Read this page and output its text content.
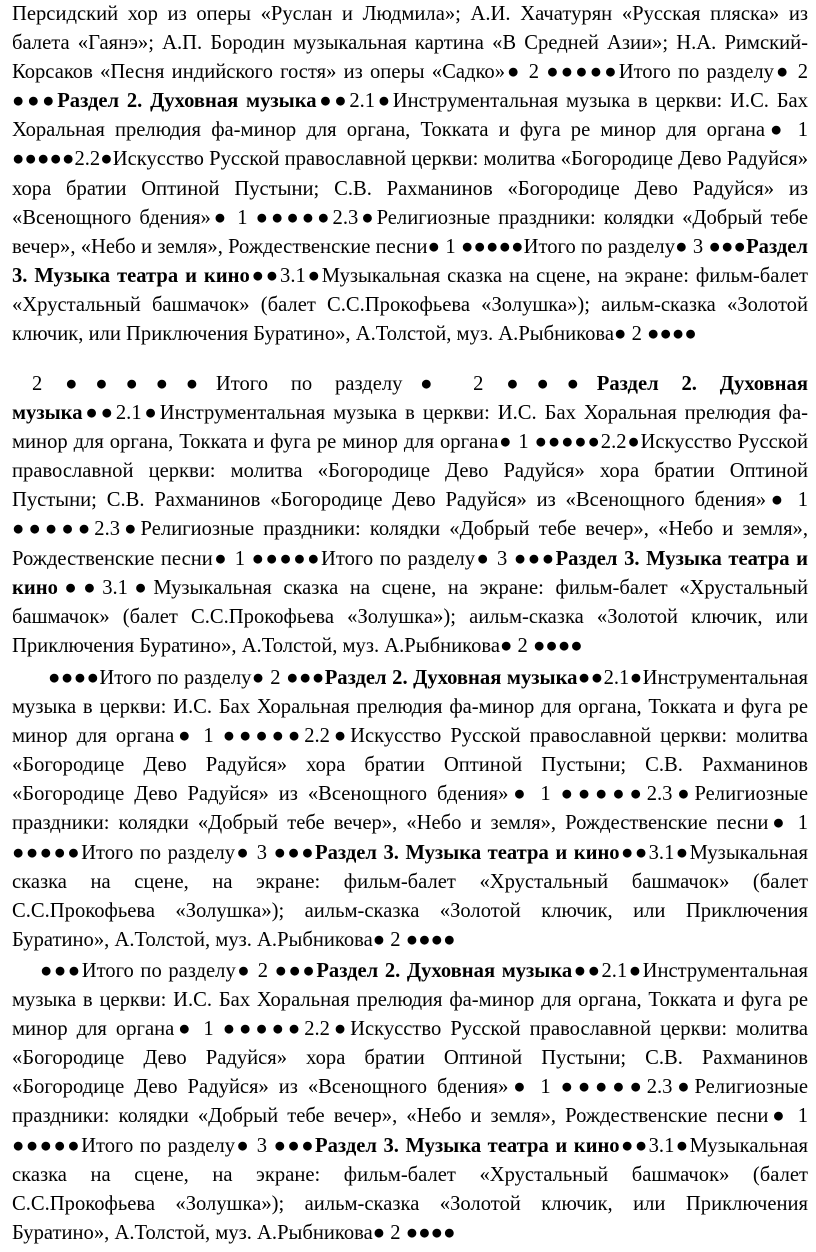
Персидский хор из оперы «Руслан и Людмила»; А.И. Хачатурян «Русская пляска» из балета «Гаянэ»; А.П. Бородин музыкальная картина «В Средней Азии»; Н.А. Римский-Корсаков «Песня индийского гостя» из оперы «Садко»● 2 ●●●●●Итого по разделу● 2 ●●●Раздел 2. Духовная музыка●●2.1●Инструментальная музыка в церкви: И.С. Бах Хоральная прелюдия фа-минор для органа, Токката и фуга ре минор для органа● 1 ●●●●●2.2●Искусство Русской православной церкви: молитва «Богородице Дево Радуйся» хора братии Оптиной Пустыни; С.В. Рахманинов «Богородице Дево Радуйся» из «Всенощного бдения»● 1 ●●●●●2.3●Религиозные праздники: колядки «Добрый тебе вечер», «Небо и земля», Рождественские песни● 1 ●●●●●Итого по разделу● 3 ●●●Раздел 3. Музыка театра и кино●●3.1●Музыкальная сказка на сцене, на экране: фильм-балет «Хрустальный башмачок» (балет С.С.Прокофьева «Золушка»); аильм-сказка «Золотой ключик, или Приключения Буратино», А.Толстой, муз. А.Рыбникова● 2 ●●●●
2 ●●●●●Итого по разделу● 2 ●●●Раздел 2. Духовная музыка●●2.1●Инструментальная музыка в церкви: И.С. Бах Хоральная прелюдия фа-минор для органа, Токката и фуга ре минор для органа● 1 ●●●●●2.2●Искусство Русской православной церкви: молитва «Богородице Дево Радуйся» хора братии Оптиной Пустыни; С.В. Рахманинов «Богородице Дево Радуйся» из «Всенощного бдения»● 1 ●●●●●2.3●Религиозные праздники: колядки «Добрый тебе вечер», «Небо и земля», Рождественские песни● 1 ●●●●●Итого по разделу● 3 ●●●Раздел 3. Музыка театра и кино●●3.1●Музыкальная сказка на сцене, на экране: фильм-балет «Хрустальный башмачок» (балет С.С.Прокофьева «Золушка»); аильм-сказка «Золотой ключик, или Приключения Буратино», А.Толстой, муз. А.Рыбникова● 2 ●●●●
●●●●Итого по разделу● 2 ●●●Раздел 2. Духовная музыка●●2.1●Инструментальная музыка в церкви: И.С. Бах Хоральная прелюдия фа-минор для органа, Токката и фуга ре минор для органа● 1 ●●●●●2.2●Искусство Русской православной церкви: молитва «Богородице Дево Радуйся» хора братии Оптиной Пустыни; С.В. Рахманинов «Богородице Дево Радуйся» из «Всенощного бдения»● 1 ●●●●●2.3●Религиозные праздники: колядки «Добрый тебе вечер», «Небо и земля», Рождественские песни● 1 ●●●●●Итого по разделу● 3 ●●●Раздел 3. Музыка театра и кино●●3.1●Музыкальная сказка на сцене, на экране: фильм-балет «Хрустальный башмачок» (балет С.С.Прокофьева «Золушка»); аильм-сказка «Золотой ключик, или Приключения Буратино», А.Толстой, муз. А.Рыбникова● 2 ●●●●
●●●Итого по разделу● 2 ●●●Раздел 2. Духовная музыка●●2.1●Инструментальная музыка в церкви: И.С. Бах Хоральная прелюдия фа-минор для органа, Токката и фуга ре минор для органа● 1 ●●●●●2.2●Искусство Русской православной церкви: молитва «Богородице Дево Радуйся» хора братии Оптиной Пустыни; С.В. Рахманинов «Богородице Дево Радуйся» из «Всенощного бдения»● 1 ●●●●●2.3●Религиозные праздники: колядки «Добрый тебе вечер», «Небо и земля», Рождественские песни● 1 ●●●●●Итого по разделу● 3 ●●●Раздел 3. Музыка театра и кино●●3.1●Музыкальная сказка на сцене, на экране: фильм-балет «Хрустальный башмачок» (балет С.С.Прокофьева «Золушка»); аильм-сказка «Золотой ключик, или Приключения Буратино», А.Толстой, муз. А.Рыбникова● 2 ●●●●
